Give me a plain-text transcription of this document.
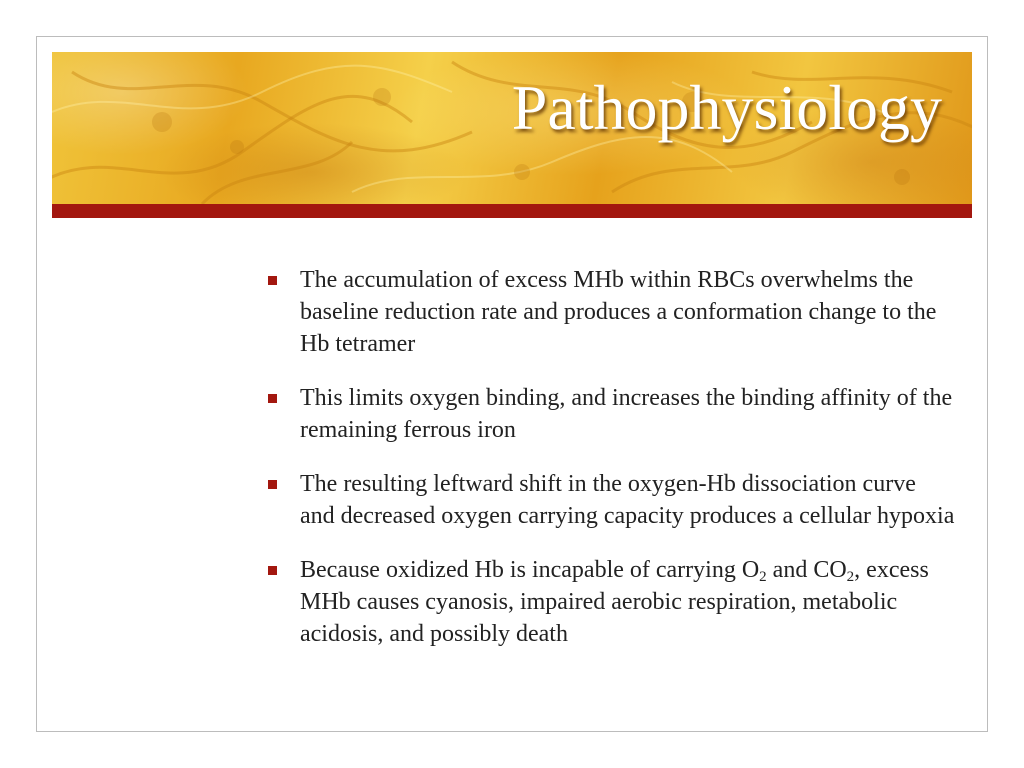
Pathophysiology
The accumulation of excess MHb within RBCs overwhelms the baseline reduction rate and produces a conformation change to the Hb tetramer
This limits oxygen binding, and increases the binding affinity of the remaining ferrous iron
The resulting leftward shift in the oxygen-Hb dissociation curve and decreased oxygen carrying capacity produces a cellular hypoxia
Because oxidized Hb is incapable of carrying $O_2$ and $CO_2$, excess MHb causes cyanosis, impaired aerobic respiration, metabolic acidosis, and possibly death
